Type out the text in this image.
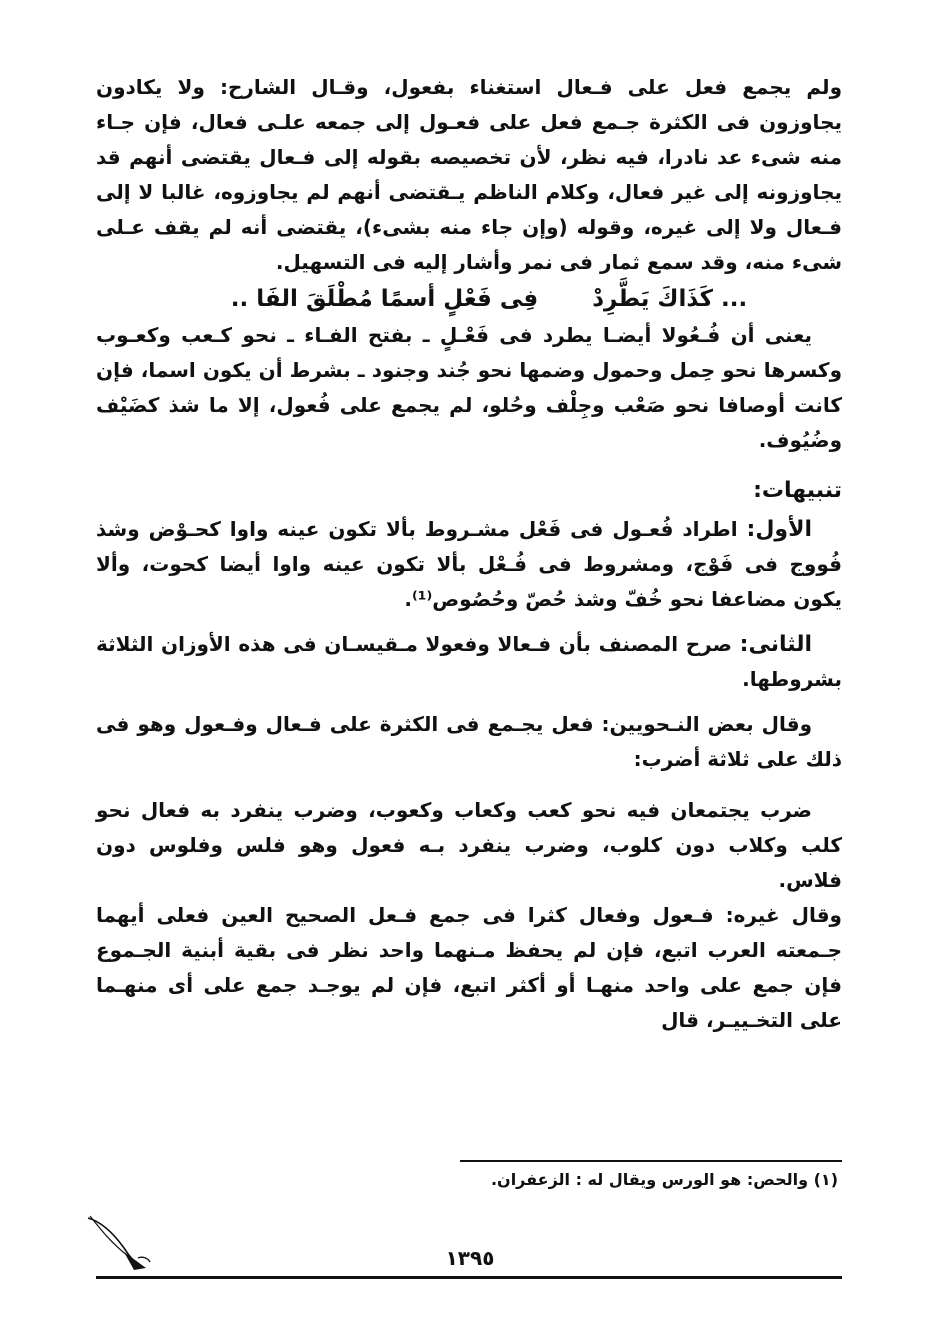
ولم يجمع فعل على فـعال استغناء بفعول، وقـال الشارح: ولا يكادون يجاوزون فى الكثرة جـمع فعل على فعـول إلى جمعه علـى فعال، فإن جـاء منه شىء عد نادرا، فيه نظر، لأن تخصيصه بقوله إلى فـعال يقتضى أنهم قد يجاوزونه إلى غير فعال، وكلام الناظم يـقتضى أنهم لم يجاوزوه، غالبا لا إلى فـعال ولا إلى غيره، وقوله (وإن جاء منه بشىء)، يقتضى أنه لم يقف عـلى شىء منه، وقد سمع ثمار فى نمر وأشار إليه فى التسهيل.

... كَذَاكَ يَطَّرِدْ فِى فَعْلٍ أسمًا مُطْلَقَ الفَا ..

يعنى أن فُـعُولا أيضـا يطرد فى فَعْـلٍ ـ بفتح الفـاء ـ نحو كـعب وكعـوب وكسرها نحو حِمل وحمول وضمها نحو جُند وجنود ـ بشرط أن يكون اسما، فإن كانت أوصافا نحو صَعْب وجِلْف وحُلو، لم يجمع على فُعول، إلا ما شذ كضَيْف وضُيُوف.

تنبيهات:

الأول: اطراد فُعـول فى فَعْل مشـروط بألا تكون عينه واوا كحـوْض وشذ فُووج فى فَوْج، ومشروط فى فُـعْل بألا تكون عينه واوا أيضا كحوت، وألا يكون مضاعفا نحو خُفّ وشذ حُصّ وحُصُوص⁽¹⁾.

الثانى: صرح المصنف بأن فـعالا وفعولا مـقيسـان فى هذه الأوزان الثلاثة بشروطها.

وقال بعض النـحويين: فعل يجـمع فى الكثرة على فـعال وفـعول وهو فى ذلك على ثلاثة أضرب:

ضرب يجتمعان فيه نحو كعب وكعاب وكعوب، وضرب ينفرد به فعال نحو كلب وكلاب دون كلوب، وضرب ينفرد بـه فعول وهو فلس وفلوس دون فلاس.

وقال غيره: فـعول وفعال كثرا فى جمع فـعل الصحيح العين فعلى أيهما جـمعته العرب اتبع، فإن لم يحفظ مـنهما واحد نظر فى بقية أبنية الجـموع فإن جمع على واحد منهـا أو أكثر اتبع، فإن لم يوجـد جمع على أى منهـما على التخـييـر، قال

(١) والحص: هو الورس ويقال له : الزعفران.

١٣٩٥
